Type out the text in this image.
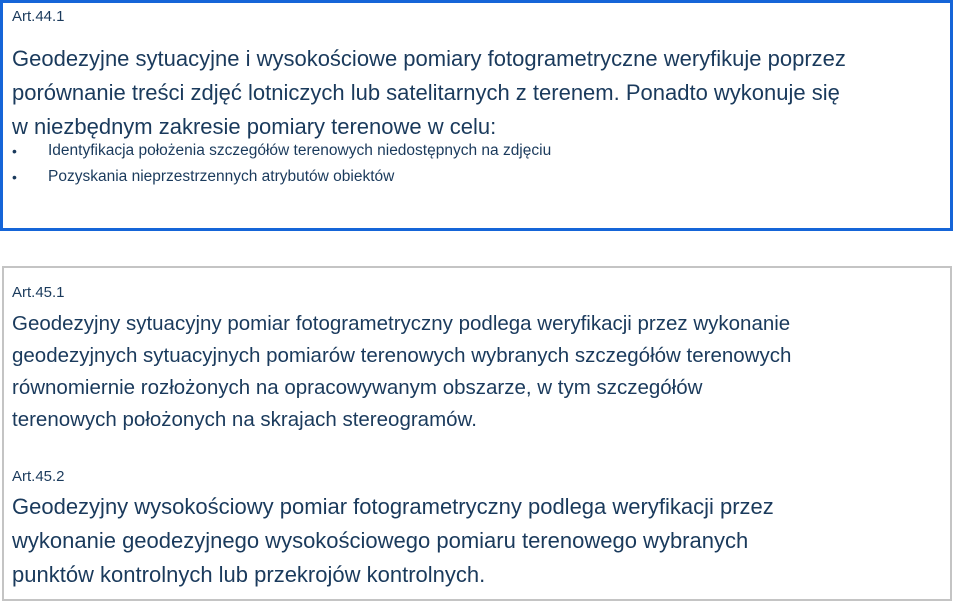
Art.44.1
Geodezyjne sytuacyjne i wysokościowe pomiary fotogrametryczne weryfikuje poprzez
porównanie treści zdjęć lotniczych lub satelitarnych z terenem. Ponadto wykonuje się
w niezbędnym zakresie pomiary terenowe w celu:
• Identyfikacja położenia szczegółów terenowych niedostępnych na zdjęciu
• Pozyskania nieprzestrzennych atrybutów obiektów
Art.45.1
Geodezyjny sytuacyjny pomiar fotogrametryczny podlega weryfikacji przez wykonanie
geodezyjnych sytuacyjnych pomiarów terenowych wybranych szczegółów terenowych
równomiernie rozłożonych na opracowywanym obszarze, w tym szczegółów
terenowych położonych na skrajach stereogramów.
Art.45.2
Geodezyjny wysokościowy pomiar fotogrametryczny podlega weryfikacji przez
wykonanie geodezyjnego wysokościowego pomiaru terenowego wybranych
punktów kontrolnych lub przekrojów kontrolnych.
